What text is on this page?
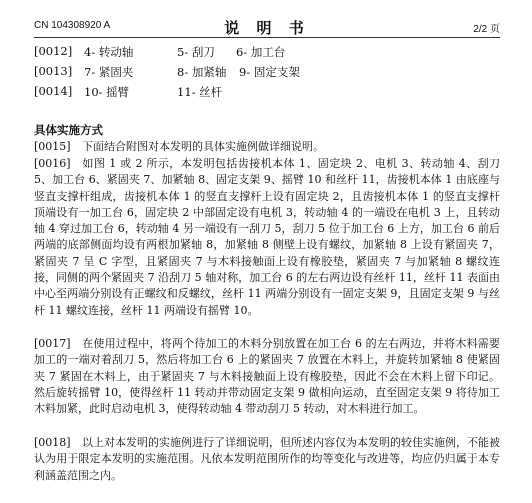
CN 104308920 A	说 明 书	2/2 页
[0012] 4- 转动轴	5- 刮刀 6- 加工台
[0013] 7- 紧固夹	8- 加紧轴 9- 固定支架
[0014] 10- 摇臂	11- 丝杆
具体实施方式

[0015] 下面结合附图对本发明的具体实施例做详细说明。

[0016] 如图 1 或 2 所示，本发明包括齿接机本体 1、固定块 2、电机 3、转动轴 4、刮刀 5、加工台 6、紧固夹 7、加紧轴 8、固定支架 9、摇臂 10 和丝杆 11，齿接机本体 1 由底座与竖直支撑杆组成，齿接机本体 1 的竖直支撑杆上设有固定块 2，且齿接机本体 1 的竖直支撑杆顶端设有一加工台 6，固定块 2 中部固定设有电机 3，转动轴 4 的一端设在电机 3 上，且转动轴 4 穿过加工台 6，转动轴 4 另一端设有一刮刀 5，刮刀 5 位于加工台 6 上方，加工台 6 前后两端的底部侧面均设有两根加紧轴 8，加紧轴 8 侧壁上设有螺纹，加紧轴 8 上设有紧固夹 7，紧固夹 7 呈 C 字型，且紧固夹 7 与木料接触面上设有橡胶垫，紧固夹 7 与加紧轴 8 螺纹连接，同侧的两个紧固夹 7 沿刮刀 5 轴对称，加工台 6 的左右两边设有丝杆 11，丝杆 11 表面由中心至两端分别设有正螺纹和反螺纹，丝杆 11 两端分别设有一固定支架 9，且固定支架 9 与丝杆 11 螺纹连接，丝杆 11 两端设有摇臂 10。

[0017] 在使用过程中，将两个待加工的木料分别放置在加工台 6 的左右两边，并将木料需要加工的一端对着刮刀 5，然后将加工台 6 上的紧固夹 7 放置在木料上，并旋转加紧轴 8 使紧固夹 7 紧固在木料上，由于紧固夹 7 与木料接触面上设有橡胶垫，因此不会在木料上留下印记。然后旋转摇臂 10，使得丝杆 11 转动并带动固定支架 9 做相向运动，直至固定支架 9 将待加工木料加紧，此时启动电机 3，使得转动轴 4 带动刮刀 5 转动，对木料进行加工。

[0018] 以上对本发明的实施例进行了详细说明，但所述内容仅为本发明的较佳实施例，不能被认为用于限定本发明的实施范围。凡依本发明范围所作的均等变化与改进等，均应仍归属于本专利涵盖范围之内。
